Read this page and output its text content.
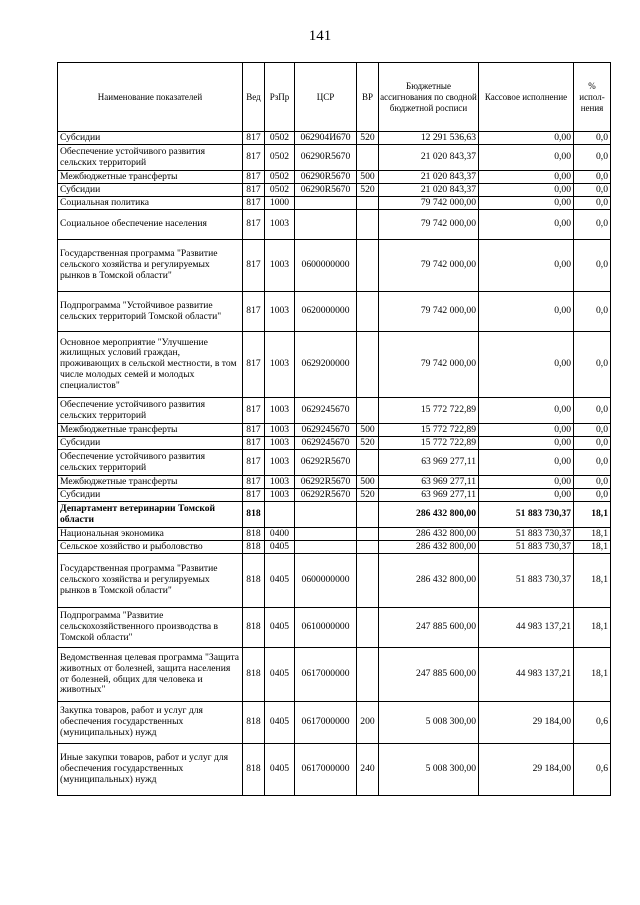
141
Наименование показателей	Вед	РзПр	ЦСР	ВР	Бюджетные ассигнования по сводной бюджетной росписи	Кассовое исполнение	% испол-нения
Субсидии	817	0502	062904И670	520	12 291 536,63	0,00	0,0
Обеспечение устойчивого развития сельских территорий	817	0502	06290R5670		21 020 843,37	0,00	0,0
Межбюджетные трансферты	817	0502	06290R5670	500	21 020 843,37	0,00	0,0
Субсидии	817	0502	06290R5670	520	21 020 843,37	0,00	0,0
Социальная политика	817	1000			79 742 000,00	0,00	0,0
Социальное обеспечение населения	817	1003			79 742 000,00	0,00	0,0
Государственная программа "Развитие сельского хозяйства и регулируемых рынков в Томской области"	817	1003	0600000000		79 742 000,00	0,00	0,0
Подпрограмма "Устойчивое развитие сельских территорий Томской области"	817	1003	0620000000		79 742 000,00	0,00	0,0
Основное мероприятие "Улучшение жилищных условий граждан, проживающих в сельской местности, в том числе молодых семей и молодых специалистов"	817	1003	0629200000		79 742 000,00	0,00	0,0
Обеспечение устойчивого развития сельских территорий	817	1003	0629245670		15 772 722,89	0,00	0,0
Межбюджетные трансферты	817	1003	0629245670	500	15 772 722,89	0,00	0,0
Субсидии	817	1003	0629245670	520	15 772 722,89	0,00	0,0
Обеспечение устойчивого развития сельских территорий	817	1003	06292R5670		63 969 277,11	0,00	0,0
Межбюджетные трансферты	817	1003	06292R5670	500	63 969 277,11	0,00	0,0
Субсидии	817	1003	06292R5670	520	63 969 277,11	0,00	0,0
Департамент ветеринарии Томской области	818				286 432 800,00	51 883 730,37	18,1
Национальная экономика	818	0400			286 432 800,00	51 883 730,37	18,1
Сельское хозяйство и рыболовство	818	0405			286 432 800,00	51 883 730,37	18,1
Государственная программа "Развитие сельского хозяйства и регулируемых рынков в Томской области"	818	0405	0600000000		286 432 800,00	51 883 730,37	18,1
Подпрограмма "Развитие сельскохозяйственного производства в Томской области"	818	0405	0610000000		247 885 600,00	44 983 137,21	18,1
Ведомственная целевая программа "Защита животных от болезней, защита населения от болезней, общих для человека и животных"	818	0405	0617000000		247 885 600,00	44 983 137,21	18,1
Закупка товаров, работ и услуг для обеспечения государственных (муниципальных) нужд	818	0405	0617000000	200	5 008 300,00	29 184,00	0,6
Иные закупки товаров, работ и услуг для обеспечения государственных (муниципальных) нужд	818	0405	0617000000	240	5 008 300,00	29 184,00	0,6
